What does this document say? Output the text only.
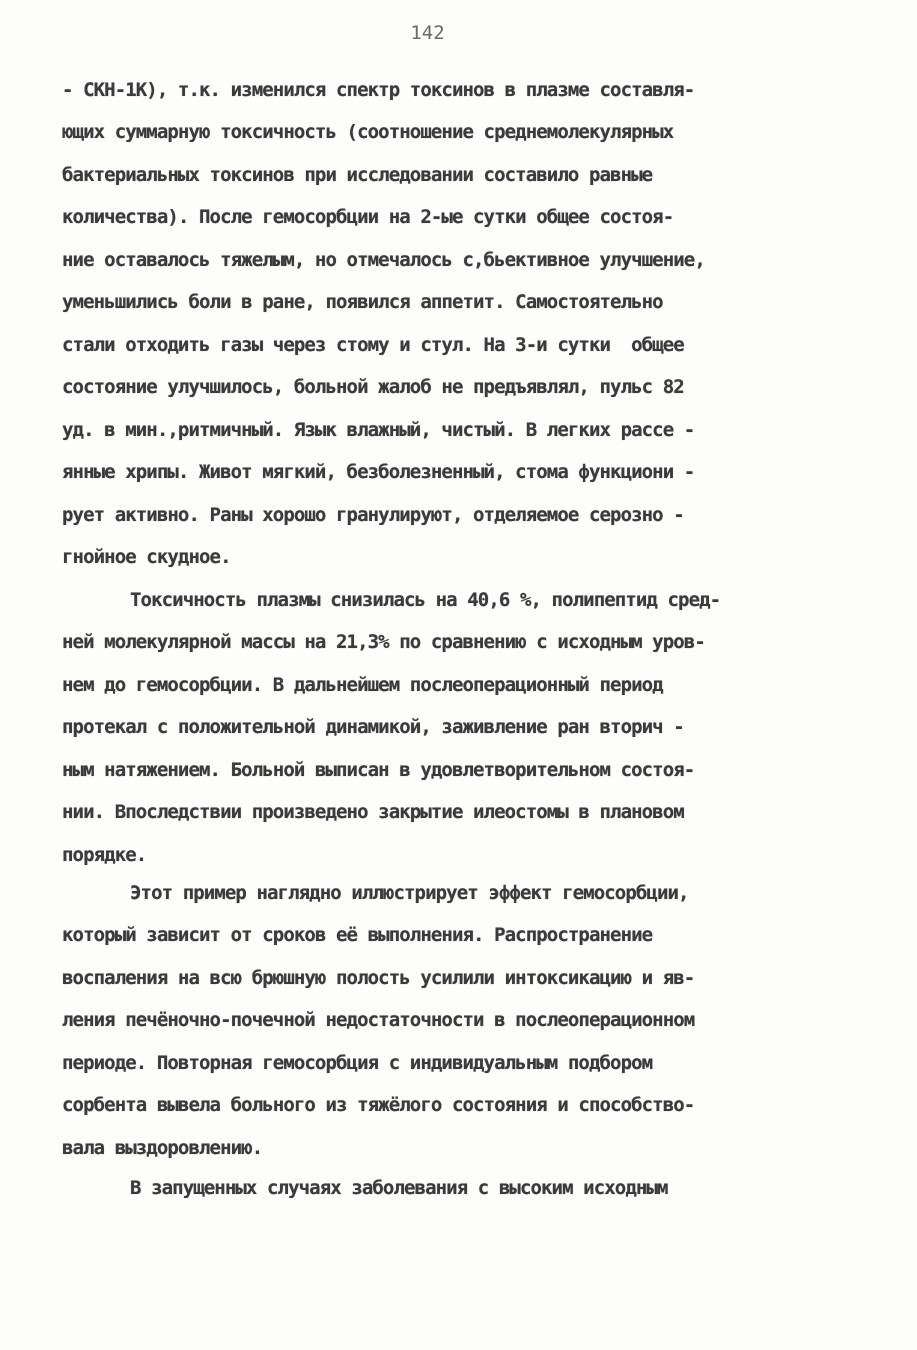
142
- СКН-1К), т.к. изменился спектр токсинов в плазме составля-
ющих суммарную токсичность (соотношение среднемолекулярных
бактериальных токсинов при исследовании составило равные
количества). После гемосорбции на 2-ые сутки общее состоя-
ние оставалось тяжелым, но отмечалось с,бьективное улучшение,
уменьшились боли в ране, появился аппетит. Самостоятельно
стали отходить газы через стому и стул. На 3-и сутки  общее
состояние улучшилось, больной жалоб не предъявлял, пульс 82
уд. в мин.,ритмичный. Язык влажный, чистый. В легких рассе -
янные хрипы. Живот мягкий, безболезненный, стома функциони -
рует активно. Раны хорошо гранулируют, отделяемое серозно -
гнойное скудное.
Токсичность плазмы снизилась на 40,6 %, полипептид сред-
ней молекулярной массы на 21,3% по сравнению с исходным уров-
нем до гемосорбции. В дальнейшем послеоперационный период
протекал с положительной динамикой, заживление ран вторич -
ным натяжением. Больной выписан в удовлетворительном состоя-
нии. Впоследствии произведено закрытие илеостомы в плановом
порядке.
Этот пример наглядно иллюстрирует эффект гемосорбции,
который зависит от сроков её выполнения. Распространение
воспаления на всю брюшную полость усилили интоксикацию и яв-
ления печёночно-почечной недостаточности в послеоперационном
периоде. Повторная гемосорбция с индивидуальным подбором
сорбента вывела больного из тяжёлого состояния и способство-
вала выздоровлению.
В запущенных случаях заболевания с высоким исходным
